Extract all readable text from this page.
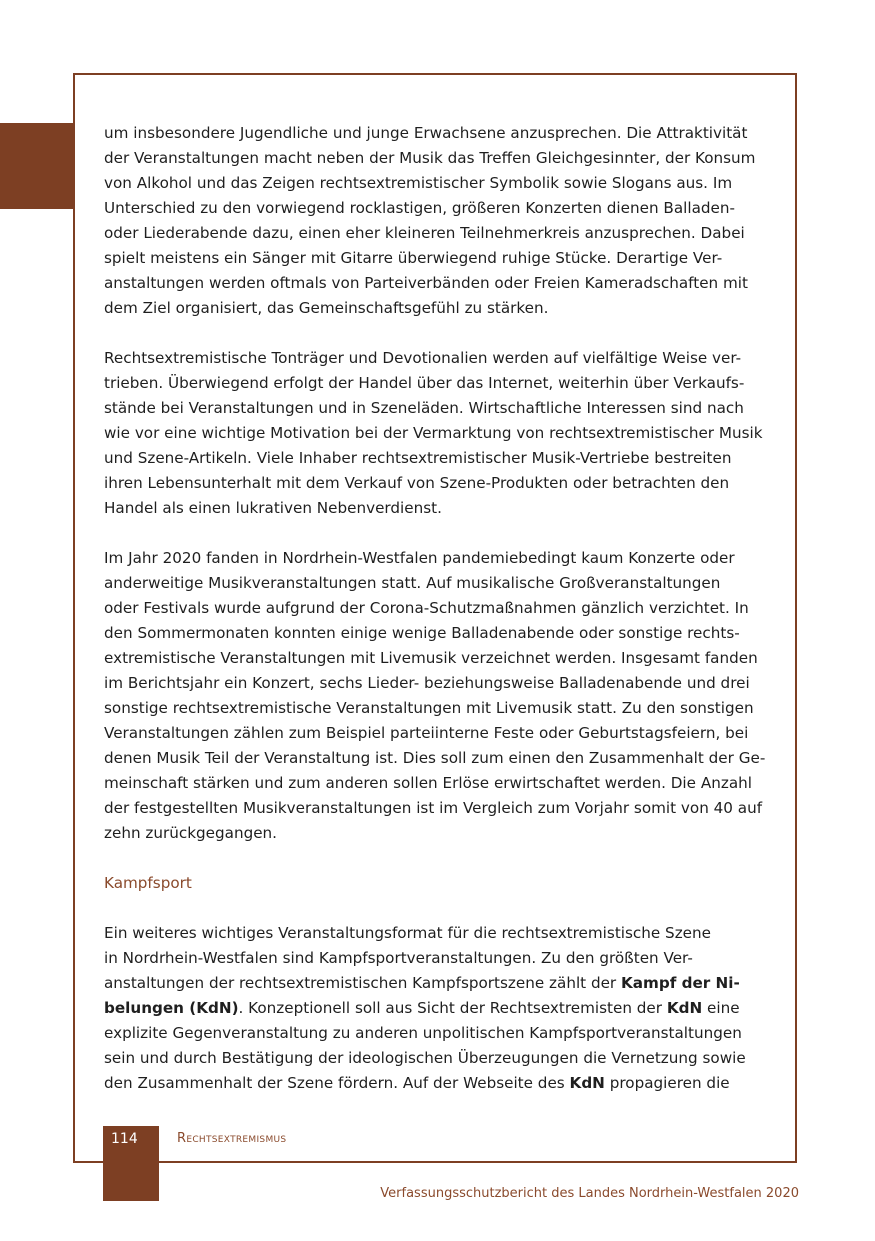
um insbesondere Jugendliche und junge Erwachsene anzusprechen. Die Attraktivität
der Veranstaltungen macht neben der Musik das Treffen Gleichgesinnter, der Konsum
von Alkohol und das Zeigen rechtsextremistischer Symbolik sowie Slogans aus. Im
Unterschied zu den vorwiegend rocklastigen, größeren Konzerten dienen Balladen-
oder Liederabende dazu, einen eher kleineren Teilnehmerkreis anzusprechen. Dabei
spielt meistens ein Sänger mit Gitarre überwiegend ruhige Stücke. Derartige Ver-
anstaltungen werden oftmals von Parteiverbänden oder Freien Kameradschaften mit
dem Ziel organisiert, das Gemeinschaftsgefühl zu stärken.

Rechtsextremistische Tonträger und Devotionalien werden auf vielfältige Weise ver-
trieben. Überwiegend erfolgt der Handel über das Internet, weiterhin über Verkaufs-
stände bei Veranstaltungen und in Szeneläden. Wirtschaftliche Interessen sind nach
wie vor eine wichtige Motivation bei der Vermarktung von rechtsextremistischer Musik
und Szene-Artikeln. Viele Inhaber rechtsextremistischer Musik-Vertriebe bestreiten
ihren Lebensunterhalt mit dem Verkauf von Szene-Produkten oder betrachten den
Handel als einen lukrativen Nebenverdienst.

Im Jahr 2020 fanden in Nordrhein-Westfalen pandemiebedingt kaum Konzerte oder
anderweitige Musikveranstaltungen statt. Auf musikalische Großveranstaltungen
oder Festivals wurde aufgrund der Corona-Schutzmaßnahmen gänzlich verzichtet. In
den Sommermonaten konnten einige wenige Balladenabende oder sonstige rechts-
extremistische Veranstaltungen mit Livemusik verzeichnet werden. Insgesamt fanden
im Berichtsjahr ein Konzert, sechs Lieder- beziehungsweise Balladenabende und drei
sonstige rechtsextremistische Veranstaltungen mit Livemusik statt. Zu den sonstigen
Veranstaltungen zählen zum Beispiel parteiinterne Feste oder Geburtstagsfeiern, bei
denen Musik Teil der Veranstaltung ist. Dies soll zum einen den Zusammenhalt der Ge-
meinschaft stärken und zum anderen sollen Erlöse erwirtschaftet werden. Die Anzahl
der festgestellten Musikveranstaltungen ist im Vergleich zum Vorjahr somit von 40 auf
zehn zurückgegangen.

Kampfsport

Ein weiteres wichtiges Veranstaltungsformat für die rechtsextremistische Szene
in Nordrhein-Westfalen sind Kampfsportveranstaltungen. Zu den größten Ver-
anstaltungen der rechtsextremistischen Kampfsportszene zählt der Kampf der Ni-
belungen (KdN). Konzeptionell soll aus Sicht der Rechtsextremisten der KdN eine
explizite Gegenveranstaltung zu anderen unpolitischen Kampfsportveranstaltungen
sein und durch Bestätigung der ideologischen Überzeugungen die Vernetzung sowie
den Zusammenhalt der Szene fördern. Auf der Webseite des KdN propagieren die

114	Rechtsextremismus
Verfassungsschutzbericht des Landes Nordrhein-Westfalen 2020
